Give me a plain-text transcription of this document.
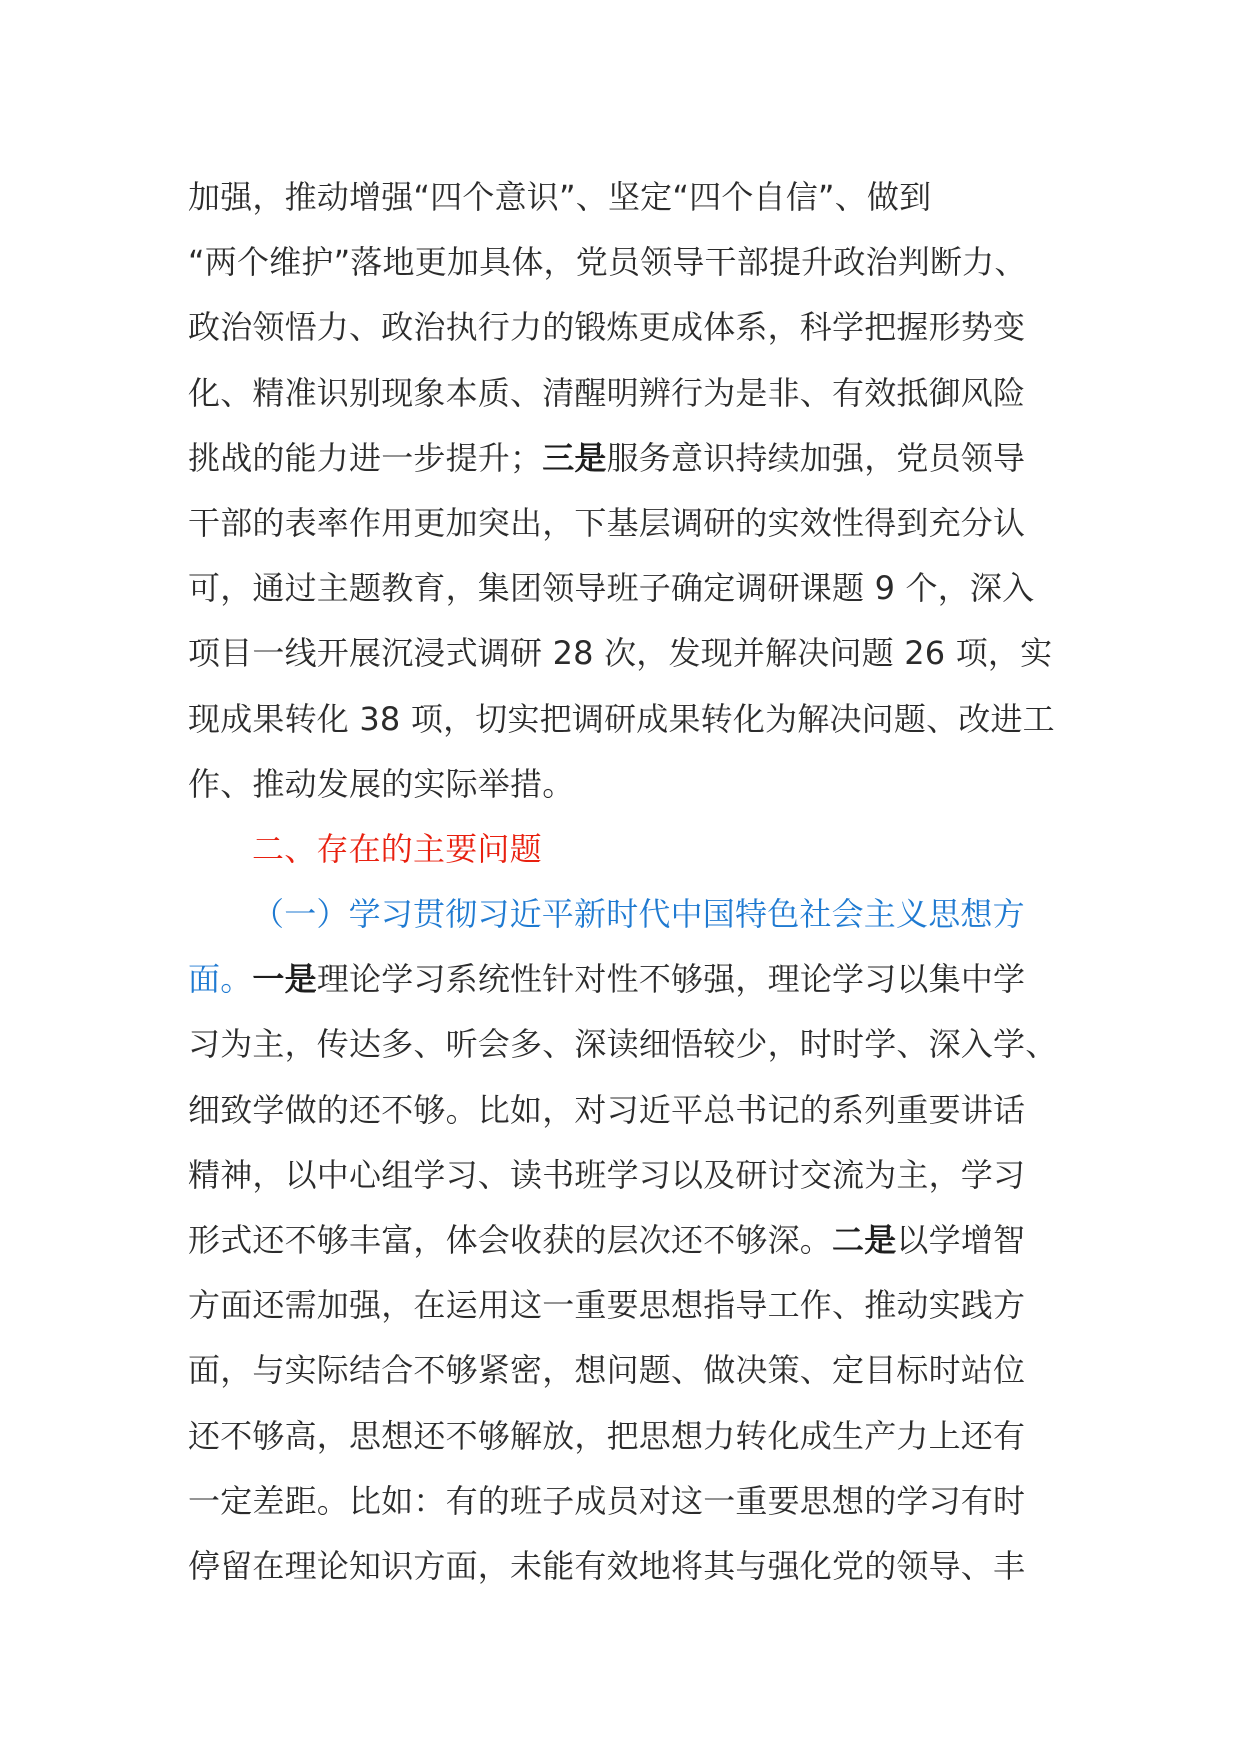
加强，推动增强“四个意识”、坚定“四个自信”、做到
“两个维护”落地更加具体，党员领导干部提升政治判断力、
政治领悟力、政治执行力的锻炼更成体系，科学把握形势变
化、精准识别现象本质、清醒明辨行为是非、有效抵御风险
挑战的能力进一步提升；三是服务意识持续加强，党员领导
干部的表率作用更加突出，下基层调研的实效性得到充分认
可，通过主题教育，集团领导班子确定调研课题 9 个，深入
项目一线开展沉浸式调研 28 次，发现并解决问题 26 项，实
现成果转化 38 项，切实把调研成果转化为解决问题、改进工
作、推动发展的实际举措。
二、存在的主要问题
（一）学习贯彻习近平新时代中国特色社会主义思想方
面。一是理论学习系统性针对性不够强，理论学习以集中学
习为主，传达多、听会多、深读细悟较少，时时学、深入学、
细致学做的还不够。比如，对习近平总书记的系列重要讲话
精神，以中心组学习、读书班学习以及研讨交流为主，学习
形式还不够丰富，体会收获的层次还不够深。二是以学增智
方面还需加强，在运用这一重要思想指导工作、推动实践方
面，与实际结合不够紧密，想问题、做决策、定目标时站位
还不够高，思想还不够解放，把思想力转化成生产力上还有
一定差距。比如：有的班子成员对这一重要思想的学习有时
停留在理论知识方面，未能有效地将其与强化党的领导、丰
